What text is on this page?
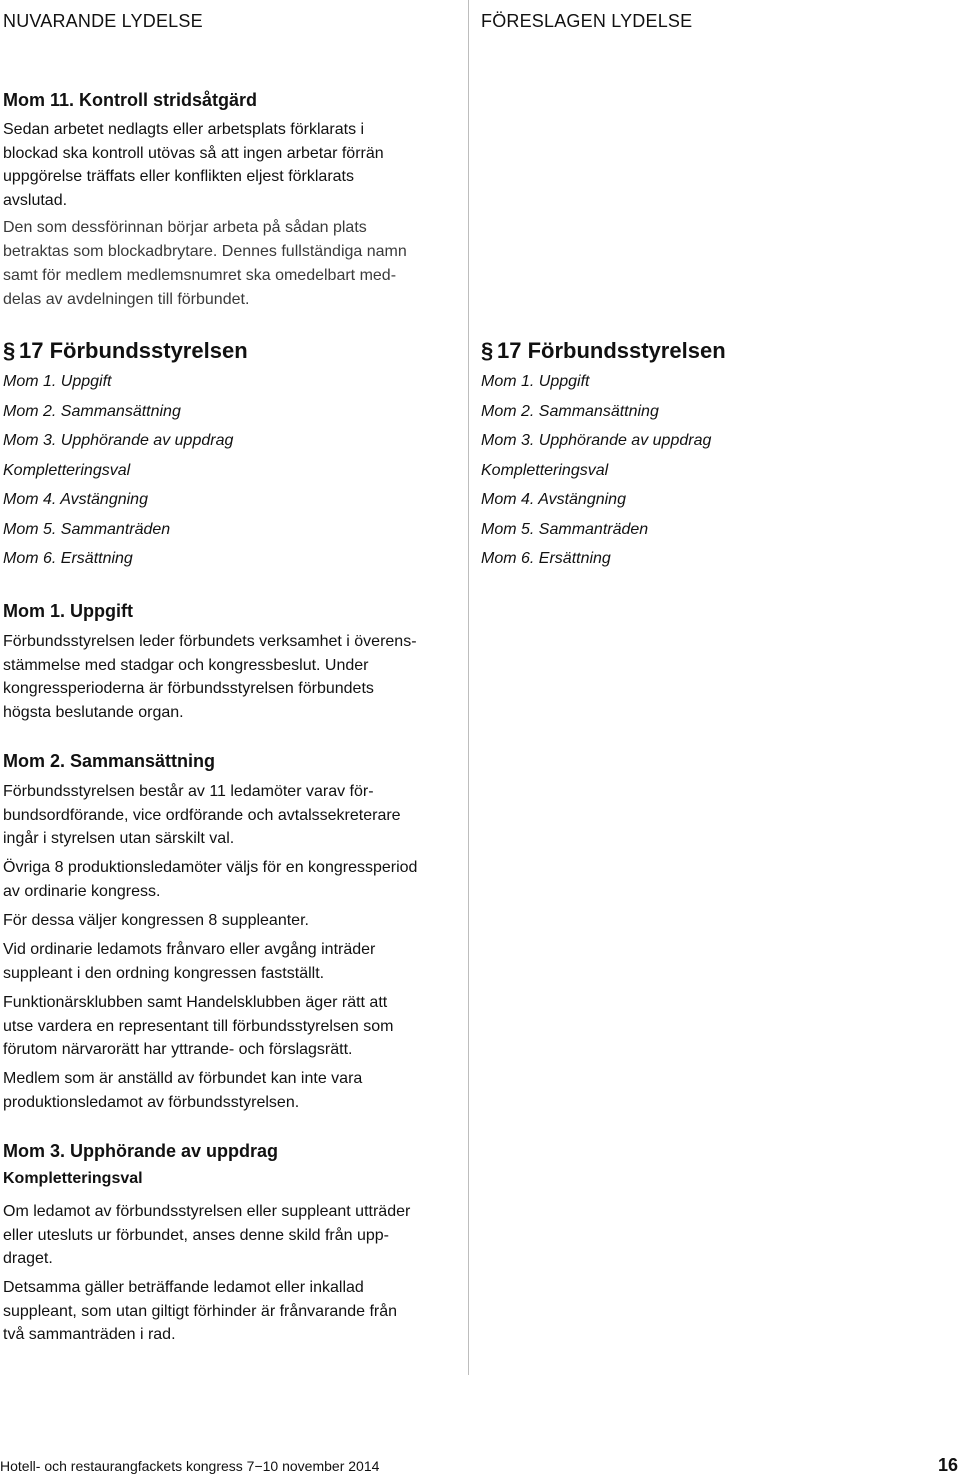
NUVARANDE LYDELSE	FÖRESLAGEN LYDELSE
Mom 11. Kontroll stridsåtgärd
Sedan arbetet nedlagts eller arbetsplats förklarats i
blockad ska kontroll utövas så att ingen arbetar förrän
uppgörelse träffats eller konflikten eljest förklarats
avslutad.
Den som dessförinnan börjar arbeta på sådan plats
betraktas som blockadbrytare. Dennes fullständiga namn
samt för medlem medlemsnumret ska omedelbart med-
delas av avdelningen till förbundet.
§ 17 Förbundsstyrelsen
Mom 1. Uppgift
Mom 2. Sammansättning
Mom 3. Upphörande av uppdrag
Kompletteringsval
Mom 4. Avstängning
Mom 5. Sammanträden
Mom 6. Ersättning
§ 17 Förbundsstyrelsen
Mom 1. Uppgift
Mom 2. Sammansättning
Mom 3. Upphörande av uppdrag
Kompletteringsval
Mom 4. Avstängning
Mom 5. Sammanträden
Mom 6. Ersättning
Mom 1. Uppgift
Förbundsstyrelsen leder förbundets verksamhet i överens-
stämmelse med stadgar och kongressbeslut. Under
kongressperioderna är förbundsstyrelsen förbundets
högsta beslutande organ.
Mom 2. Sammansättning
Förbundsstyrelsen består av 11 ledamöter varav för-
bundsordförande, vice ordförande och avtalssekreterare
ingår i styrelsen utan särskilt val.
Övriga 8 produktionsledamöter väljs för en kongressperiod
av ordinarie kongress.
För dessa väljer kongressen 8 suppleanter.
Vid ordinarie ledamots frånvaro eller avgång inträder
suppleant i den ordning kongressen fastställt.
Funktionärsklubben samt Handelsklubben äger rätt att
utse vardera en representant till förbundsstyrelsen som
förutom närvarorätt har yttrande- och förslagsrätt.
Medlem som är anställd av förbundet kan inte vara
produktionsledamot av förbundsstyrelsen.
Mom 3. Upphörande av uppdrag
Kompletteringsval
Om ledamot av förbundsstyrelsen eller suppleant utträder
eller utesluts ur förbundet, anses denne skild från upp-
draget.
Detsamma gäller beträffande ledamot eller inkallad
suppleant, som utan giltigt förhinder är frånvarande från
två sammanträden i rad.
Hotell- och restaurangfackets kongress 7−10 november 2014	16
